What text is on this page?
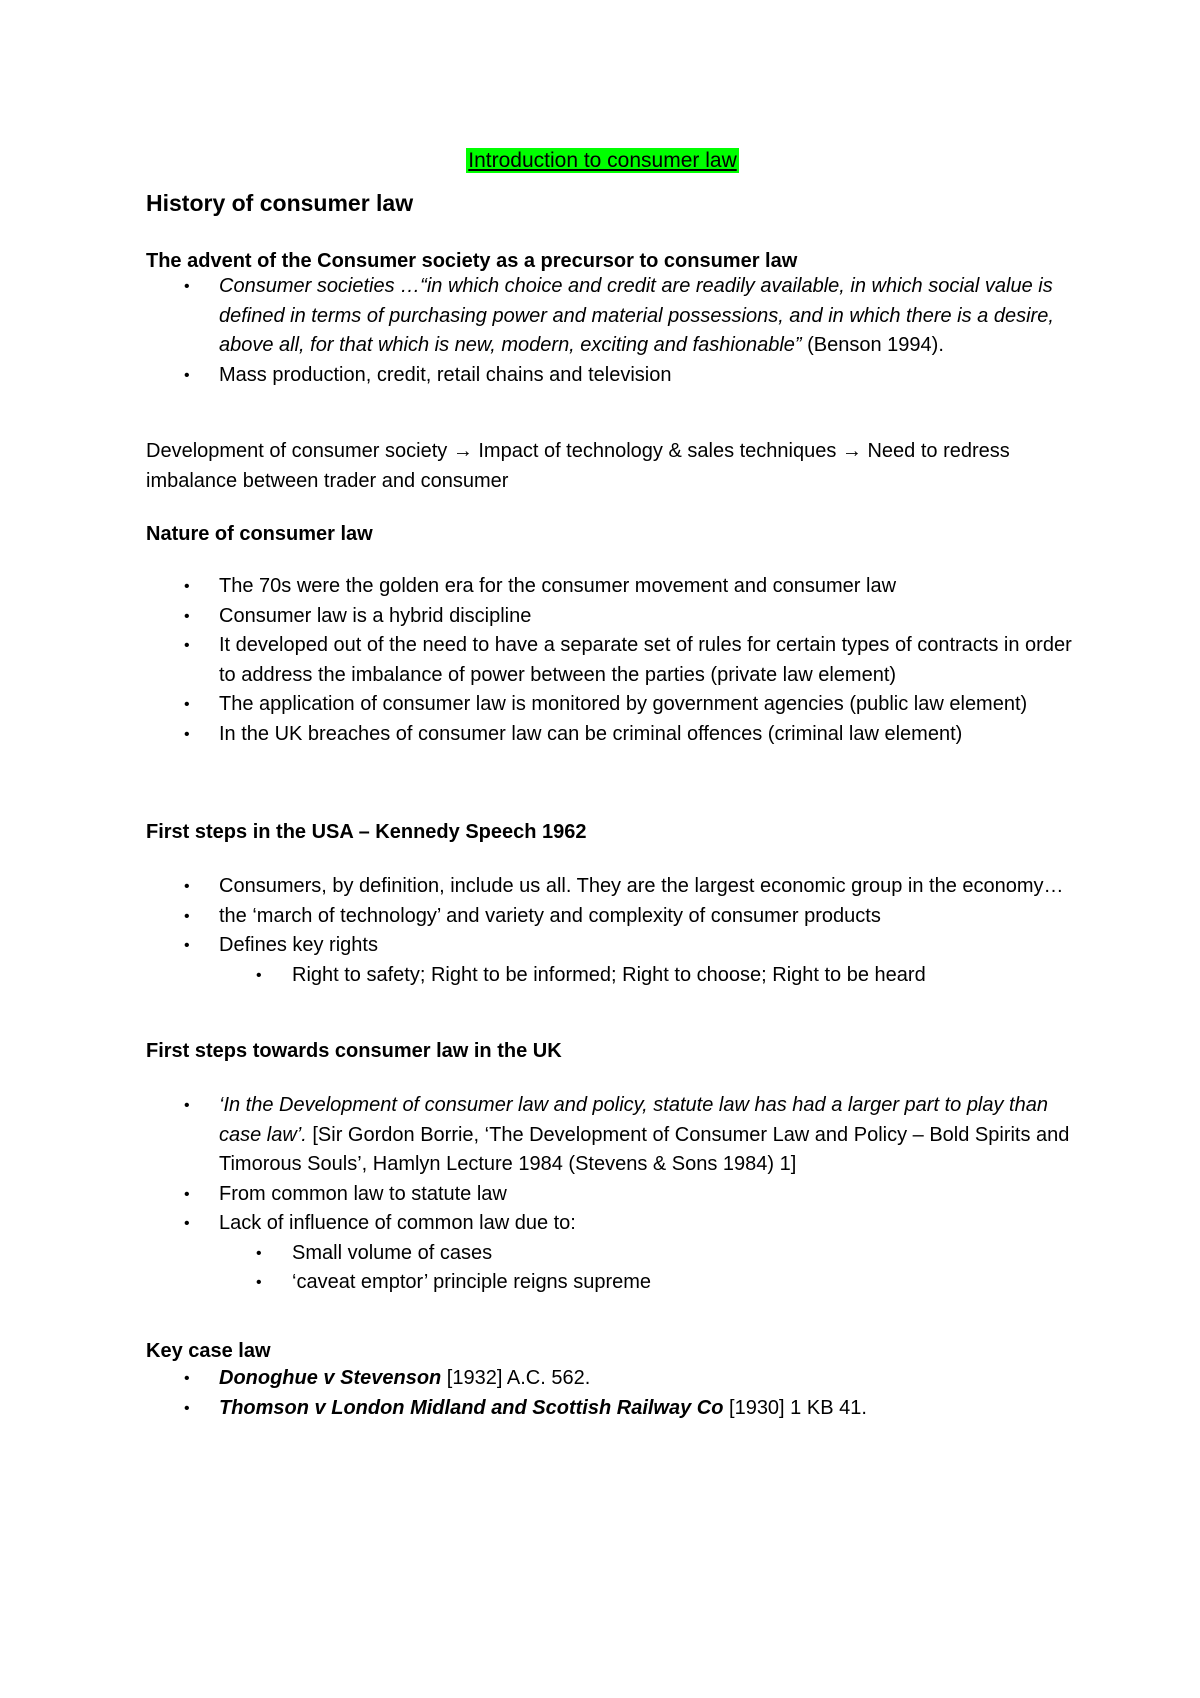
Introduction to consumer law
History of consumer law
The advent of the Consumer society as a precursor to consumer law
• Consumer societies …“in which choice and credit are readily available, in which social value is defined in terms of purchasing power and material possessions, and in which there is a desire, above all, for that which is new, modern, exciting and fashionable” (Benson 1994).
• Mass production, credit, retail chains and television
Development of consumer society → Impact of technology & sales techniques → Need to redress imbalance between trader and consumer
Nature of consumer law
• The 70s were the golden era for the consumer movement and consumer law
• Consumer law is a hybrid discipline
• It developed out of the need to have a separate set of rules for certain types of contracts in order to address the imbalance of power between the parties (private law element)
• The application of consumer law is monitored by government agencies (public law element)
• In the UK breaches of consumer law can be criminal offences (criminal law element)
First steps in the USA – Kennedy Speech 1962
• Consumers, by definition, include us all. They are the largest economic group in the economy…
• the ‘march of technology’ and variety and complexity of consumer products
• Defines key rights
• Right to safety; Right to be informed; Right to choose; Right to be heard
First steps towards consumer law in the UK
• ‘In the Development of consumer law and policy, statute law has had a larger part to play than case law’. [Sir Gordon Borrie, ‘The Development of Consumer Law and Policy – Bold Spirits and Timorous Souls’, Hamlyn Lecture 1984 (Stevens & Sons 1984) 1]
• From common law to statute law
• Lack of influence of common law due to:
• Small volume of cases
• ‘caveat emptor’ principle reigns supreme
Key case law
• Donoghue v Stevenson [1932] A.C. 562.
• Thomson v London Midland and Scottish Railway Co [1930] 1 KB 41.
